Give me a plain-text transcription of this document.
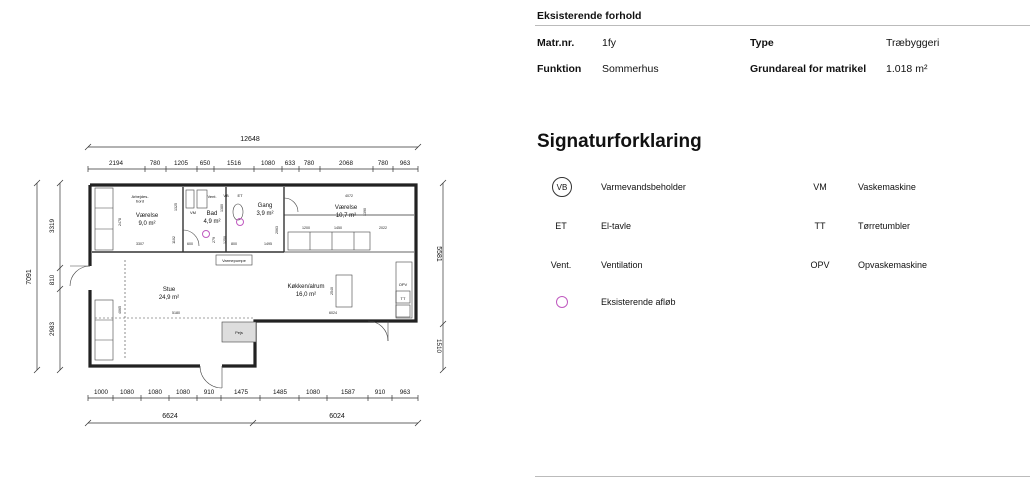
12648
2194	780 1205 650	1516	1080 633 780	2068	780 963
1000 1080 1080 1080 910	1475	1485	1080	1587	910 963
6624	6024
7091
3319
810
2983
5581
1510
4072
2478
1325
3307
1102
600	800	1495
1200	1450	2022
2063
2540
4065	5180	6024
1390
1380
279 1250
Værelse
9,0 m²
Bad
4,9 m²
Gang
3,9 m²
Værelse
10,7 m²
Stue
24,9 m²
Køkken/alrum
16,0 m²
Arbejdes-bord
Vent. VB ET
VM
Varmepumpe
Pejs
OPV
TT
Eksisterende forhold
Matr.nr.	1fy	Type	Træbyggeri
Funktion Sommerhus	Grundareal for matrikel 1.018 m²
Signaturforklaring
VB	Varmevandsbeholder	VM	Vaskemaskine
ET	El-tavle	TT	Tørretumbler
Vent.	Ventilation	OPV	Opvaskemaskine
Eksisterende afløb
